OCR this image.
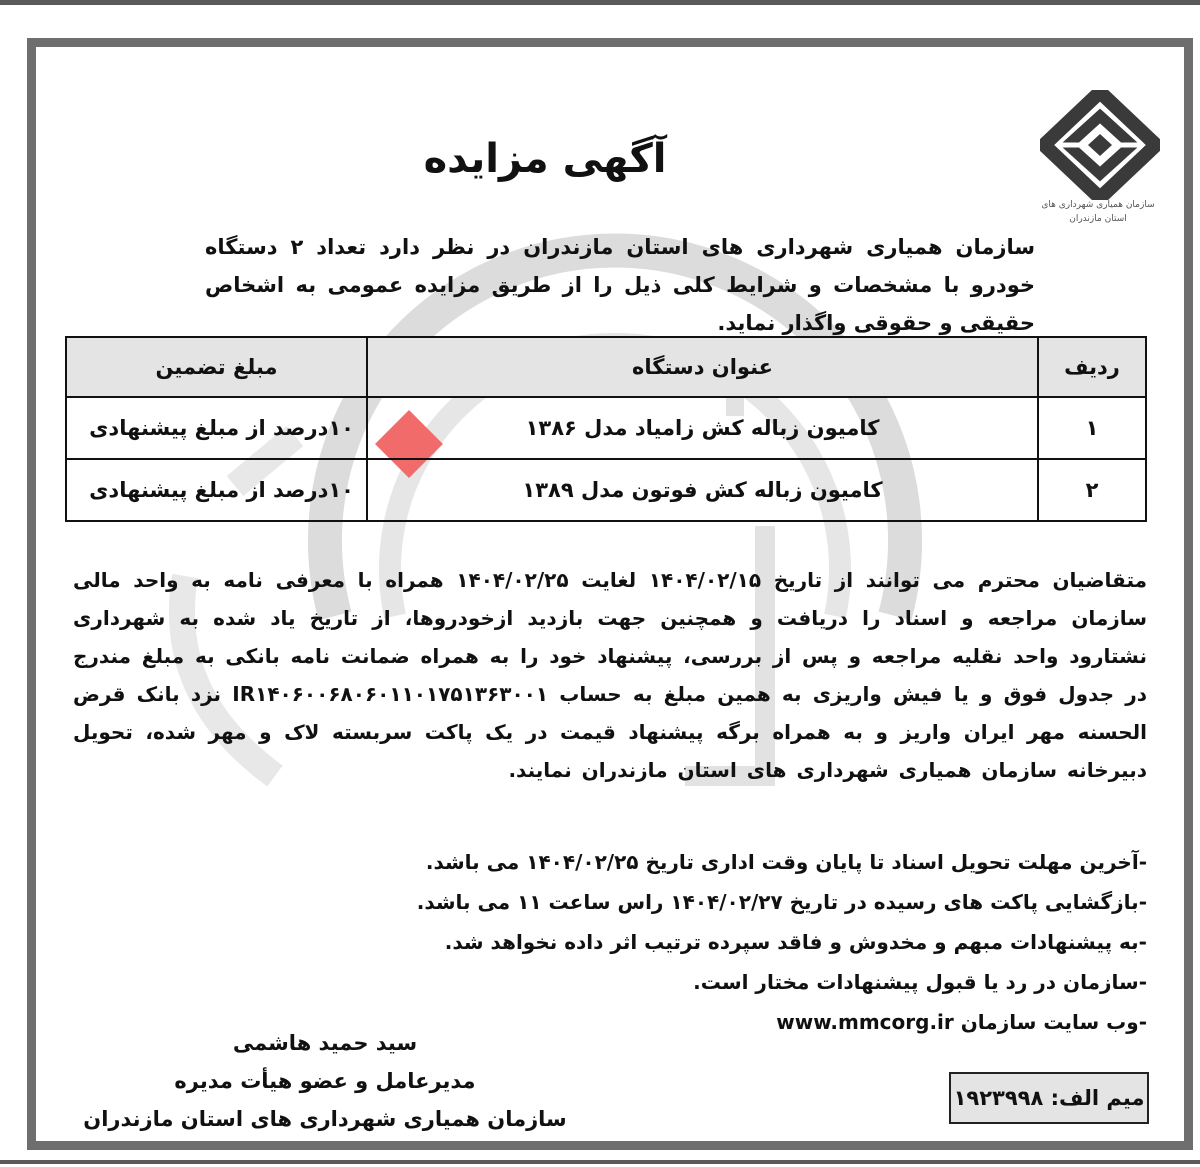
سازمان همیاری شهرداری های
استان مازندران
آگهی مزایده
سازمان همیاری شهرداری های استان مازندران در نظر دارد تعداد ۲ دستگاه خودرو با مشخصات و شرایط کلی ذیل را از طریق مزایده عمومی به اشخاص حقیقی و حقوقی واگذار نماید.
ردیف	عنوان دستگاه	مبلغ تضمین
۱	کامیون زباله کش زامیاد مدل ۱۳۸۶	۱۰درصد از مبلغ پیشنهادی
۲	کامیون زباله کش فوتون مدل ۱۳۸۹	۱۰درصد از مبلغ پیشنهادی
متقاضیان محترم می توانند از تاریخ ۱۴۰۴/۰۲/۱۵ لغایت ۱۴۰۴/۰۲/۲۵ همراه با معرفی نامه به واحد مالی سازمان مراجعه و اسناد را دریافت و همچنین جهت بازدید ازخودروها، از تاریخ یاد شده به شهرداری نشتارود واحد نقلیه مراجعه و پس از بررسی، پیشنهاد خود را به همراه ضمانت نامه بانکی به مبلغ مندرج در جدول فوق و یا فیش واریزی به همین مبلغ به حساب IR۱۴۰۶۰۰۶۸۰۶۰۱۱۰۱۷۵۱۳۶۳۰۰۱ نزد بانک قرض الحسنه مهر ایران واریز و به همراه برگه پیشنهاد قیمت در یک پاکت سربسته لاک و مهر شده، تحویل دبیرخانه سازمان همیاری شهرداری های استان مازندران نمایند.
-آخرین مهلت تحویل اسناد تا پایان وقت اداری تاریخ ۱۴۰۴/۰۲/۲۵ می باشد.
-بازگشایی پاکت های رسیده در تاریخ ۱۴۰۴/۰۲/۲۷ راس ساعت ۱۱ می باشد.
-به پیشنهادات مبهم و مخدوش و فاقد سپرده ترتیب اثر داده نخواهد شد.
-سازمان در رد یا قبول پیشنهادات مختار است.
-وب سایت سازمان www.mmcorg.ir
سید حمید هاشمی
مدیرعامل و عضو هیأت مدیره
سازمان همیاری شهرداری های استان مازندران
میم الف: ۱۹۲۳۹۹۸
